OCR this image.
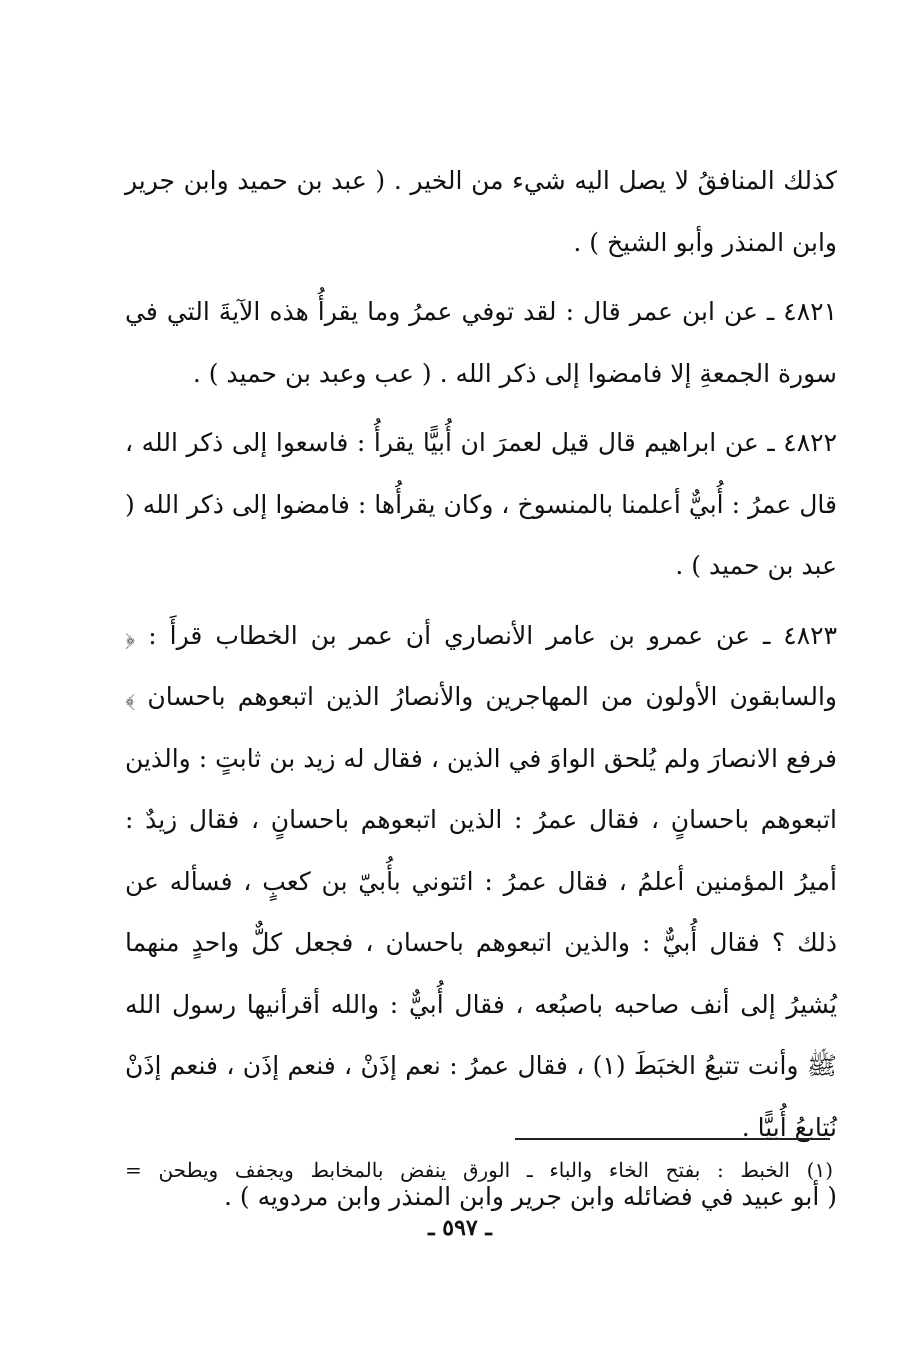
كذلك المنافقُ لا يصل اليه شيء من الخير . ( عبد بن حميد وابن جرير وابن المنذر وأبو الشيخ ) .

٤٨٢١ ـ عن ابن عمر قال : لقد توفي عمرُ وما يقرأُ هذه الآيةَ التي في سورة الجمعةِ إلا فامضوا إلى ذكر الله . ( عب وعبد بن حميد ) .

٤٨٢٢ ـ عن ابراهيم قال قيل لعمرَ ان أُبيًّا يقرأُ : فاسعوا إلى ذكر الله ، قال عمرُ : أُبيٌّ أعلمنا بالمنسوخ ، وكان يقرأُها : فامضوا إلى ذكر الله ( عبد بن حميد ) .

٤٨٢٣ ـ عن عمرو بن عامر الأنصاري أن عمر بن الخطاب قرأَ : ﴿ والسابقون الأولون من المهاجرين والأنصارُ الذين اتبعوهم باحسان ﴾ فرفع الانصارَ ولم يُلحق الواوَ في الذين ، فقال له زيد بن ثابتٍ : والذين اتبعوهم باحسانٍ ، فقال عمرُ : الذين اتبعوهم باحسانٍ ، فقال زيدٌ : أميرُ المؤمنين أعلمُ ، فقال عمرُ : ائتوني بأُبيّ بن كعبٍ ، فسأله عن ذلك ؟ فقال أُبيٌّ : والذين اتبعوهم باحسان ، فجعل كلٌّ واحدٍ منهما يُشيرُ إلى أنف صاحبه باصبُعه ، فقال أُبيٌّ : والله أقرأنيها رسول الله ﷺ وأنت تتبعُ الخبَطَ (١) ، فقال عمرُ : نعم إذَنْ ، فنعم إذَن ، فنعم إذَنْ نُتابعُ أُبيًّا .

( أبو عبيد في فضائله وابن جرير وابن المنذر وابن مردويه ) .

(١) الخبط : بفتح الخاء والباء ـ الورق ينفض بالمخابط ويجفف ويطحن =
ـ ٥٩٧ ـ
